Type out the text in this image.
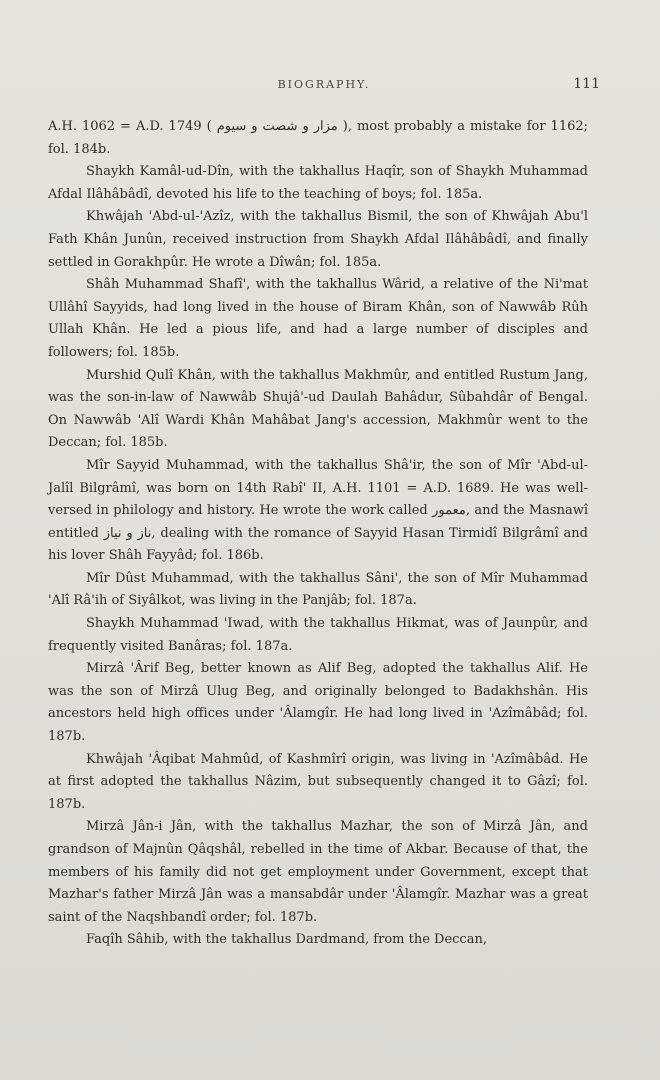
BIOGRAPHY.	111

A.H. 1062 = A.D. 1749 ( مزار و شصت و سیوم ), most probably a mistake for 1162; fol. 184b.

Shaykh Kamâl-ud-Dîn, with the takhallus Haqîr, son of Shaykh Muhammad Afdal Ilâhâbâdî, devoted his life to the teaching of boys; fol. 185a.

Khwâjah 'Abd-ul-'Azîz, with the takhallus Bismil, the son of Khwâjah Abu'l Fath Khân Junûn, received instruction from Shaykh Afdal Ilâhâbâdî, and finally settled in Gorakhpûr. He wrote a Dîwân; fol. 185a.

Shâh Muhammad Shafî', with the takhallus Wârid, a relative of the Ni'mat Ullâhî Sayyids, had long lived in the house of Biram Khân, son of Nawwâb Rûh Ullah Khân. He led a pious life, and had a large number of disciples and followers; fol. 185b.

Murshid Qulî Khân, with the takhallus Makhmûr, and entitled Rustum Jang, was the son-in-law of Nawwâb Shujâ'-ud Daulah Bahâdur, Sûbahdâr of Bengal. On Nawwâb 'Alî Wardi Khân Mahâbat Jang's accession, Makhmûr went to the Deccan; fol. 185b.

Mîr Sayyid Muhammad, with the takhallus Shâ'ir, the son of Mîr 'Abd-ul-Jalîl Bilgrâmî, was born on 14th Rabî' II, A.H. 1101 = A.D. 1689. He was well-versed in philology and history. He wrote the work called معمور, and the Masnawî entitled ناز و نیاز, dealing with the romance of Sayyid Hasan Tirmidî Bilgrâmî and his lover Shâh Fayyâd; fol. 186b.

Mîr Dûst Muhammad, with the takhallus Sâni', the son of Mîr Muhammad 'Alî Râ'ih of Siyâlkot, was living in the Panjâb; fol. 187a.

Shaykh Muhammad 'Iwad, with the takhallus Hikmat, was of Jaunpûr, and frequently visited Banâras; fol. 187a.

Mirzâ 'Ârif Beg, better known as Alif Beg, adopted the takhallus Alif. He was the son of Mirzâ Ulug Beg, and originally belonged to Badakhshân. His ancestors held high offices under 'Âlamgîr. He had long lived in 'Azîmâbâd; fol. 187b.

Khwâjah 'Âqibat Mahmûd, of Kashmîrî origin, was living in 'Azîmâbâd. He at first adopted the takhallus Nâzim, but subsequently changed it to Gâzî; fol. 187b.

Mirzâ Jân-i Jân, with the takhallus Mazhar, the son of Mirzâ Jân, and grandson of Majnûn Qâqshâl, rebelled in the time of Akbar. Because of that, the members of his family did not get employment under Government, except that Mazhar's father Mirzâ Jân was a mansabdâr under 'Âlamgîr. Mazhar was a great saint of the Naqshbandî order; fol. 187b.

Faqîh Sâhib, with the takhallus Dardmand, from the Deccan,
